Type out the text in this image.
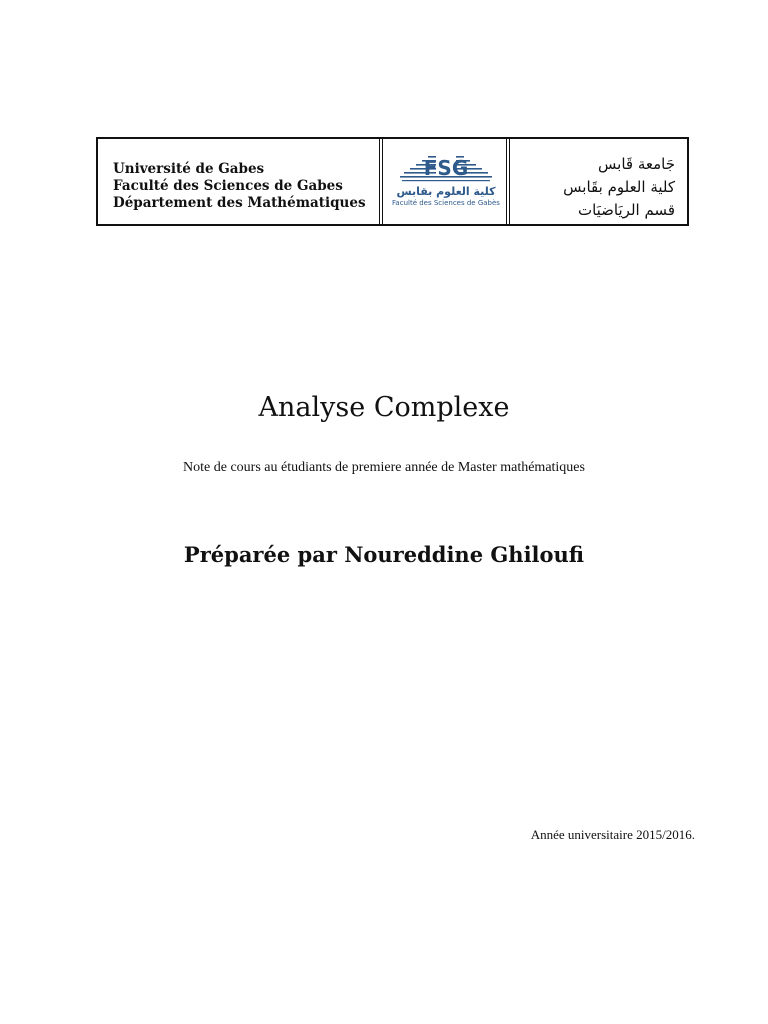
Université de Gabes
Faculté des Sciences de Gabes
Département des Mathématiques
FSG
كلية العلوم بقابس
Faculté des Sciences de Gabès
جَامعة قَابس
كلية العلوم بقَابس
قسم الريَاضيَات
Analyse Complexe
Note de cours au étudiants de premiere année de Master mathématiques
Préparée par Noureddine Ghiloufi
Année universitaire 2015/2016.
